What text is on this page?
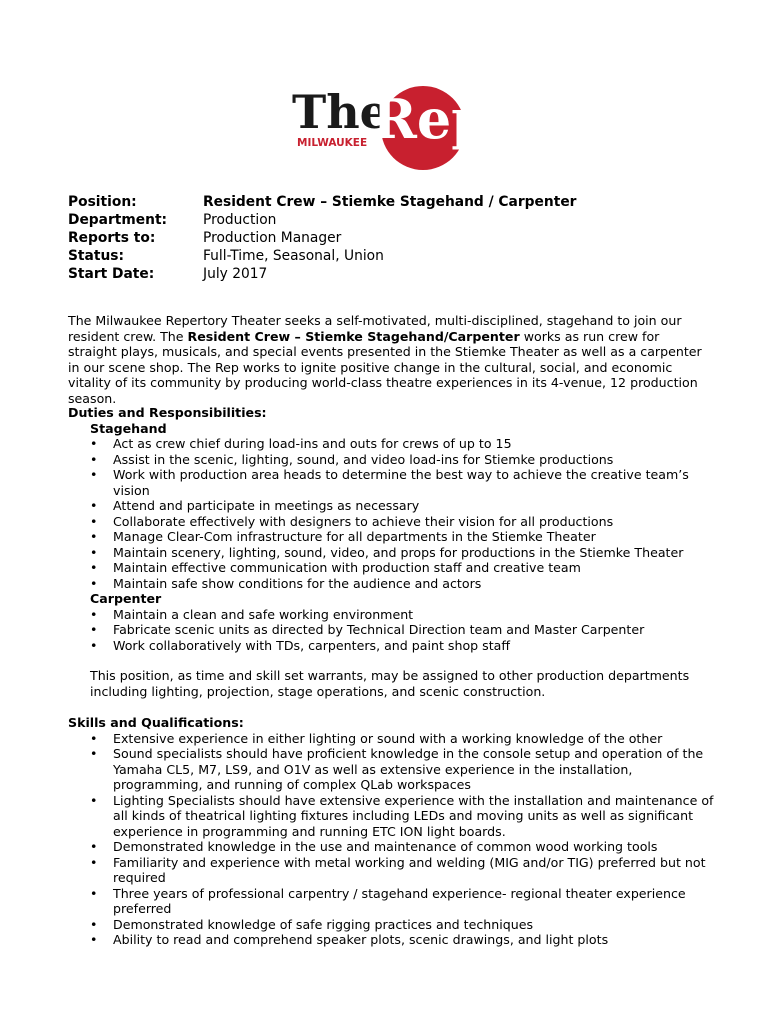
The
Rep
MILWAUKEE
Position:	Resident Crew – Stiemke Stagehand / Carpenter
Department:	Production
Reports to:	Production Manager
Status:	Full-Time, Seasonal, Union
Start Date:	July 2017

The Milwaukee Repertory Theater seeks a self-motivated, multi-disciplined, stagehand to join our resident crew. The Resident Crew – Stiemke Stagehand/Carpenter works as run crew for straight plays, musicals, and special events presented in the Stiemke Theater as well as a carpenter in our scene shop. The Rep works to ignite positive change in the cultural, social, and economic vitality of its community by producing world-class theatre experiences in its 4-venue, 12 production season.

Duties and Responsibilities:
Stagehand
• Act as crew chief during load-ins and outs for crews of up to 15
• Assist in the scenic, lighting, sound, and video load-ins for Stiemke productions
• Work with production area heads to determine the best way to achieve the creative team’s vision
• Attend and participate in meetings as necessary
• Collaborate effectively with designers to achieve their vision for all productions
• Manage Clear-Com infrastructure for all departments in the Stiemke Theater
• Maintain scenery, lighting, sound, video, and props for productions in the Stiemke Theater
• Maintain effective communication with production staff and creative team
• Maintain safe show conditions for the audience and actors
Carpenter
• Maintain a clean and safe working environment
• Fabricate scenic units as directed by Technical Direction team and Master Carpenter
• Work collaboratively with TDs, carpenters, and paint shop staff

This position, as time and skill set warrants, may be assigned to other production departments including lighting, projection, stage operations, and scenic construction.

Skills and Qualifications:
• Extensive experience in either lighting or sound with a working knowledge of the other
• Sound specialists should have proficient knowledge in the console setup and operation of the Yamaha CL5, M7, LS9, and O1V as well as extensive experience in the installation, programming, and running of complex QLab workspaces
• Lighting Specialists should have extensive experience with the installation and maintenance of all kinds of theatrical lighting fixtures including LEDs and moving units as well as significant experience in programming and running ETC ION light boards.
• Demonstrated knowledge in the use and maintenance of common wood working tools
• Familiarity and experience with metal working and welding (MIG and/or TIG) preferred but not required
• Three years of professional carpentry / stagehand experience- regional theater experience preferred
• Demonstrated knowledge of safe rigging practices and techniques
• Ability to read and comprehend speaker plots, scenic drawings, and light plots
